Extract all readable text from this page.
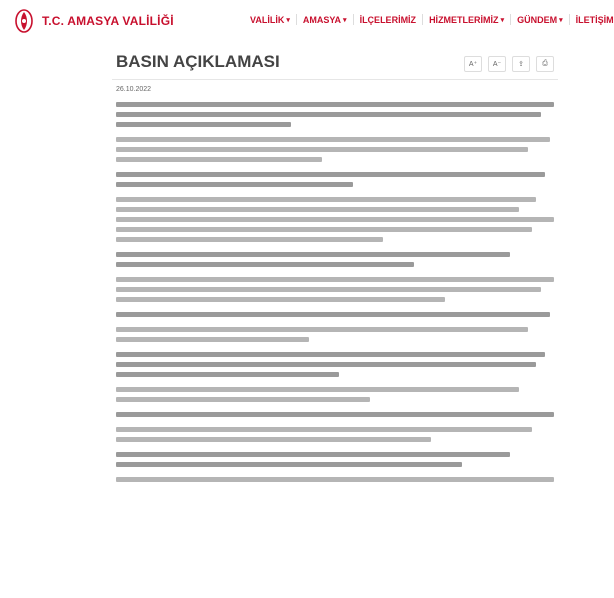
T.C. AMASYA VALİLİĞİ	VALİLİK ▾ AMASYA ▾ İLÇELERİMİZ HİZMETLERİMİZ ▾ GÜNDEM ▾ İLETİŞİM
BASIN AÇIKLAMASI	A⁺	A⁻	⇪	⎙
26.10.2022
